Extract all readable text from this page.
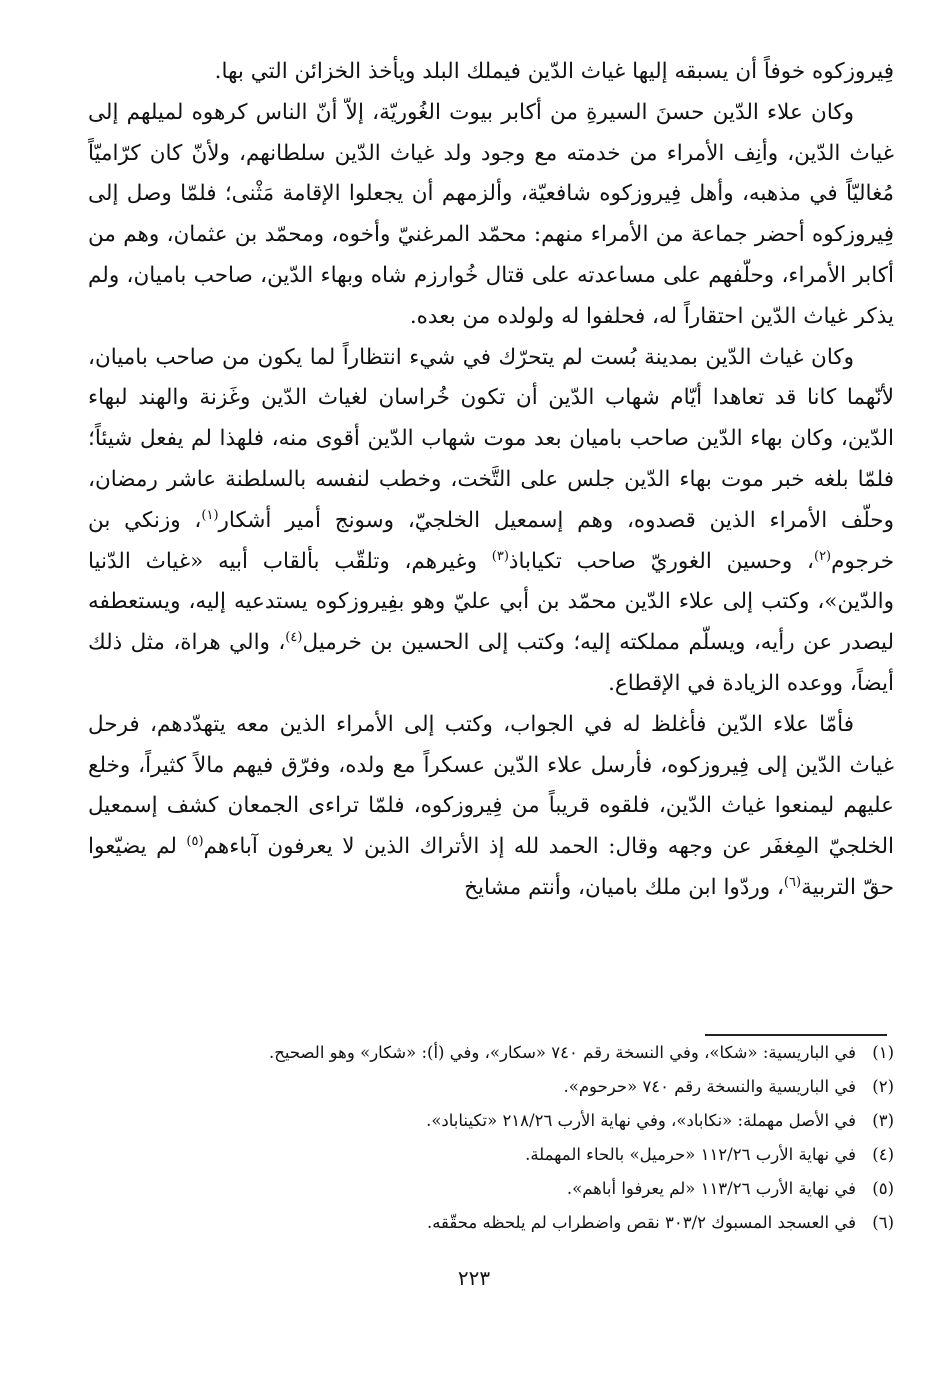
فِيروزكوه خوفاً أن يسبقه إليها غياث الدّين فيملك البلد ويأخذ الخزائن التي بها.

وكان علاء الدّين حسنَ السيرةِ من أكابر بيوت الغُوريّة، إلاّ أنّ الناس كرهوه لميلهم إلى غياث الدّين، وأنِف الأمراء من خدمته مع وجود ولد غياث الدّين سلطانهم، ولأنّ كان كرّاميّاً مُغاليّاً في مذهبه، وأهل فِيروزكوه شافعيّة، وألزمهم أن يجعلوا الإقامة مَثْنى؛ فلمّا وصل إلى فِيروزكوه أحضر جماعة من الأمراء منهم: محمّد المرغنيّ وأخوه، ومحمّد بن عثمان، وهم من أكابر الأمراء، وحلّفهم على مساعدته على قتال خُوارزم شاه وبهاء الدّين، صاحب باميان، ولم يذكر غياث الدّين احتقاراً له، فحلفوا له ولولده من بعده.

وكان غياث الدّين بمدينة بُست لم يتحرّك في شيء انتظاراً لما يكون من صاحب باميان، لأنّهما كانا قد تعاهدا أيّام شهاب الدّين أن تكون خُراسان لغياث الدّين وغَزنة والهند لبهاء الدّين، وكان بهاء الدّين صاحب باميان بعد موت شهاب الدّين أقوى منه، فلهذا لم يفعل شيئاً؛ فلمّا بلغه خبر موت بهاء الدّين جلس على التَّخت، وخطب لنفسه بالسلطنة عاشر رمضان، وحلّف الأمراء الذين قصدوه، وهم إسمعيل الخلجيّ، وسونج أمير أشكار$^{(١)}$، وزنكي بن خرجوم$^{(٢)}$، وحسين الغوريّ صاحب تكياباذ$^{(٣)}$ وغيرهم، وتلقّب بألقاب أبيه «غياث الدّنيا والدّين»، وكتب إلى علاء الدّين محمّد بن أبي عليّ وهو بفِيروزكوه يستدعيه إليه، ويستعطفه ليصدر عن رأيه، ويسلّم مملكته إليه؛ وكتب إلى الحسين بن خرميل$^{(٤)}$، والي هراة، مثل ذلك أيضاً، ووعده الزيادة في الإقطاع.

فأمّا علاء الدّين فأغلظ له في الجواب، وكتب إلى الأمراء الذين معه يتهدّدهم، فرحل غياث الدّين إلى فِيروزكوه، فأرسل علاء الدّين عسكراً مع ولده، وفرّق فيهم مالاً كثيراً، وخلع عليهم ليمنعوا غياث الدّين، فلقوه قريباً من فِيروزكوه، فلمّا تراءى الجمعان كشف إسمعيل الخلجيّ المِغفَر عن وجهه وقال: الحمد لله إذ الأتراك الذين لا يعرفون آباءهم$^{(٥)}$ لم يضيّعوا حقّ التربية$^{(٦)}$، وردّوا ابن ملك باميان، وأنتم مشايخ

(١)
في الباريسية: «شكا»، وفي النسخة رقم ٧٤٠ «سكار»، وفي (أ): «شكار» وهو الصحيح.
(٢)
في الباريسية والنسخة رقم ٧٤٠ «حرحوم».
(٣)
في الأصل مهملة: «نكاباد»، وفي نهاية الأرب ٢١٨/٢٦ «تكيناباد».
(٤)
في نهاية الأرب ١١٢/٢٦ «حرميل» بالحاء المهملة.
(٥)
في نهاية الأرب ١١٣/٢٦ «لم يعرفوا أباهم».
(٦)
في العسجد المسبوك ٣٠٣/٢ نقص واضطراب لم يلحظه محقّقه.
٢٢٣
